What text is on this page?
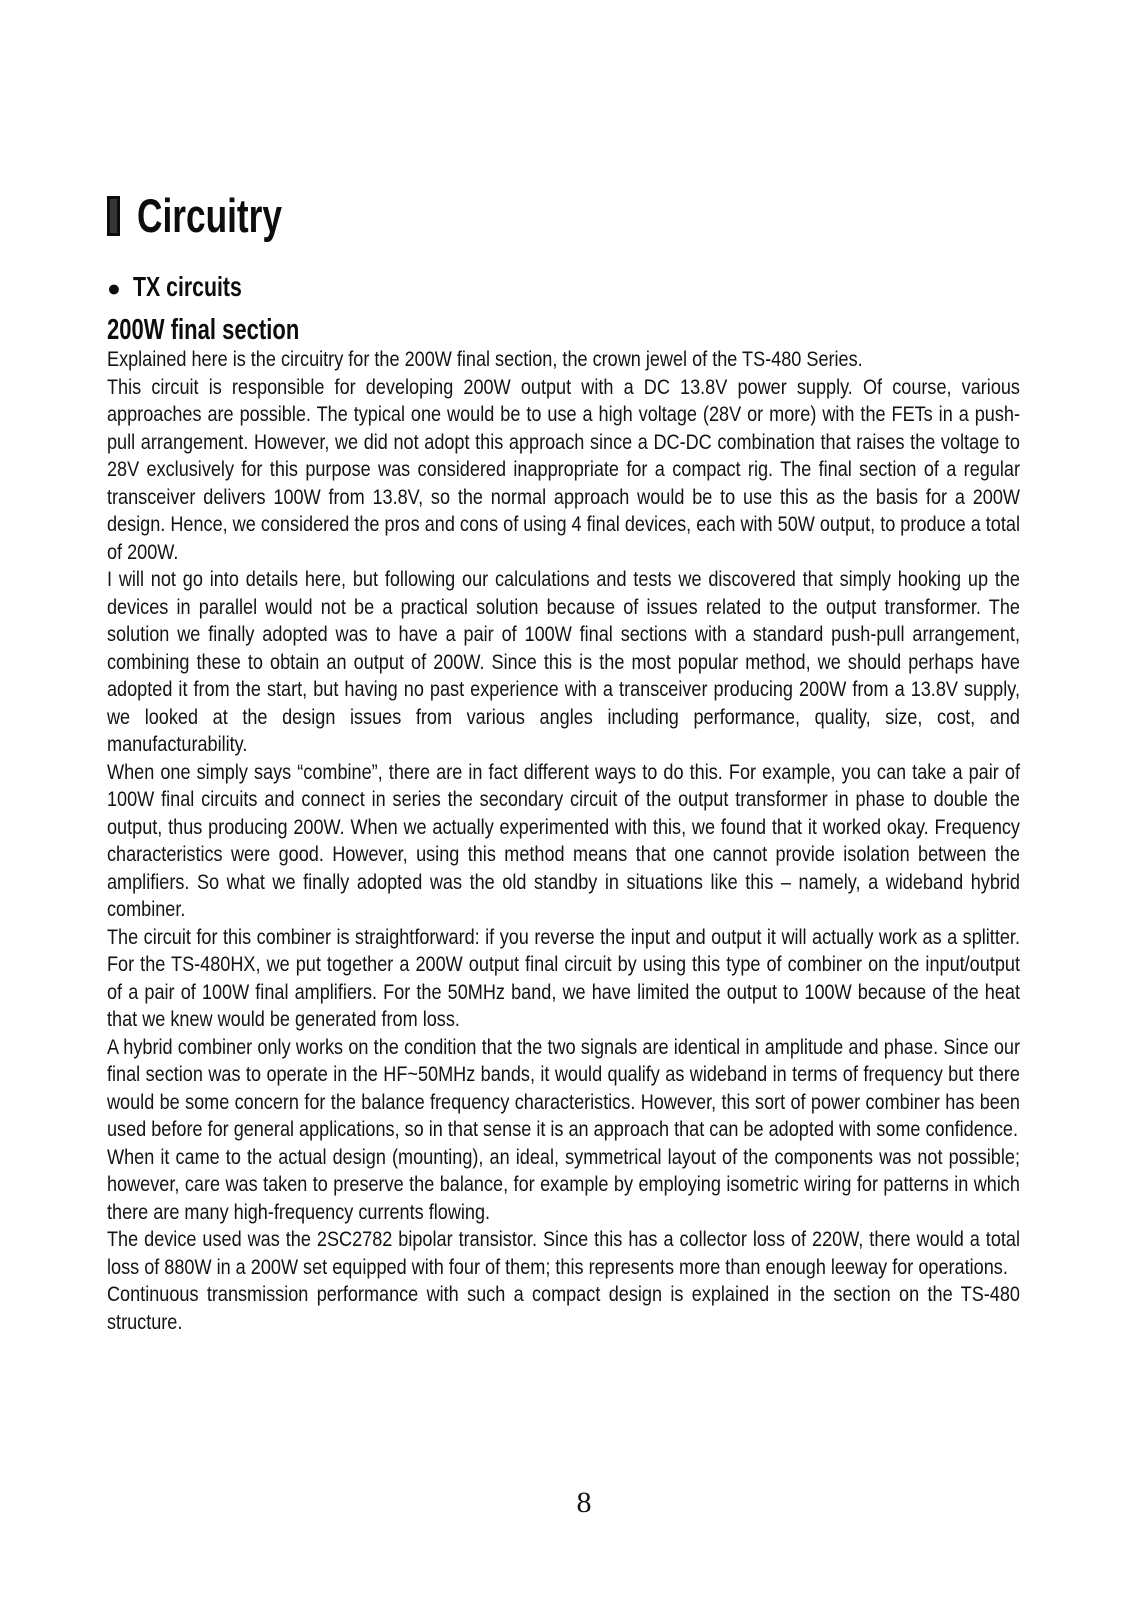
Circuitry
● TX circuits
200W final section

Explained here is the circuitry for the 200W final section, the crown jewel of the TS-480 Series.

This circuit is responsible for developing 200W output with a DC 13.8V power supply. Of course, various approaches are possible. The typical one would be to use a high voltage (28V or more) with the FETs in a push-pull arrangement. However, we did not adopt this approach since a DC-DC combination that raises the voltage to 28V exclusively for this purpose was considered inappropriate for a compact rig. The final section of a regular transceiver delivers 100W from 13.8V, so the normal approach would be to use this as the basis for a 200W design. Hence, we considered the pros and cons of using 4 final devices, each with 50W output, to produce a total of 200W.

I will not go into details here, but following our calculations and tests we discovered that simply hooking up the devices in parallel would not be a practical solution because of issues related to the output transformer. The solution we finally adopted was to have a pair of 100W final sections with a standard push-pull arrangement, combining these to obtain an output of 200W. Since this is the most popular method, we should perhaps have adopted it from the start, but having no past experience with a transceiver producing 200W from a 13.8V supply, we looked at the design issues from various angles including performance, quality, size, cost, and manufacturability.

When one simply says “combine”, there are in fact different ways to do this. For example, you can take a pair of 100W final circuits and connect in series the secondary circuit of the output transformer in phase to double the output, thus producing 200W. When we actually experimented with this, we found that it worked okay. Frequency characteristics were good. However, using this method means that one cannot provide isolation between the amplifiers. So what we finally adopted was the old standby in situations like this – namely, a wideband hybrid combiner.

The circuit for this combiner is straightforward: if you reverse the input and output it will actually work as a splitter. For the TS-480HX, we put together a 200W output final circuit by using this type of combiner on the input/output of a pair of 100W final amplifiers. For the 50MHz band, we have limited the output to 100W because of the heat that we knew would be generated from loss.

A hybrid combiner only works on the condition that the two signals are identical in amplitude and phase. Since our final section was to operate in the HF~50MHz bands, it would qualify as wideband in terms of frequency but there would be some concern for the balance frequency characteristics. However, this sort of power combiner has been used before for general applications, so in that sense it is an approach that can be adopted with some confidence.

When it came to the actual design (mounting), an ideal, symmetrical layout of the components was not possible; however, care was taken to preserve the balance, for example by employing isometric wiring for patterns in which there are many high-frequency currents flowing.

The device used was the 2SC2782 bipolar transistor. Since this has a collector loss of 220W, there would a total loss of 880W in a 200W set equipped with four of them; this represents more than enough leeway for operations.

Continuous transmission performance with such a compact design is explained in the section on the TS-480 structure.

8
